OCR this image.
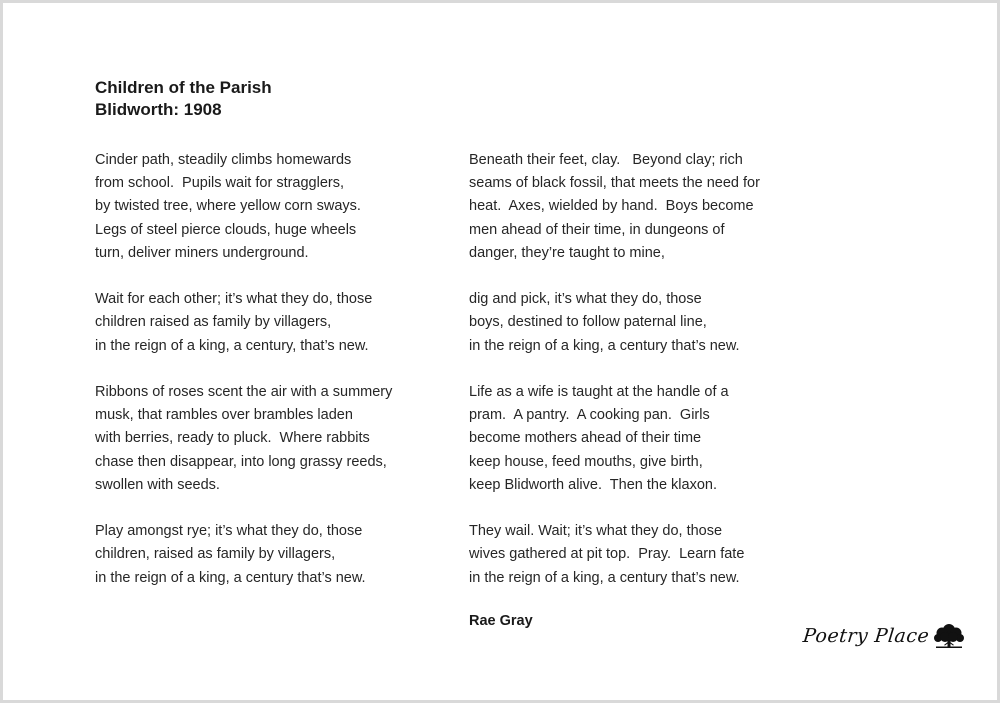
Children of the Parish
Blidworth: 1908
Cinder path, steadily climbs homewards
from school.  Pupils wait for stragglers,
by twisted tree, where yellow corn sways.
Legs of steel pierce clouds, huge wheels
turn, deliver miners underground.
Wait for each other; it’s what they do, those
children raised as family by villagers,
in the reign of a king, a century, that’s new.
Ribbons of roses scent the air with a summery
musk, that rambles over brambles laden
with berries, ready to pluck.  Where rabbits
chase then disappear, into long grassy reeds,
swollen with seeds.
Play amongst rye; it’s what they do, those
children, raised as family by villagers,
in the reign of a king, a century that’s new.
Beneath their feet, clay.   Beyond clay; rich
seams of black fossil, that meets the need for
heat.  Axes, wielded by hand.  Boys become
men ahead of their time, in dungeons of
danger, they’re taught to mine,
dig and pick, it’s what they do, those
boys, destined to follow paternal line,
in the reign of a king, a century that’s new.
Life as a wife is taught at the handle of a
pram.  A pantry.  A cooking pan.  Girls
become mothers ahead of their time
keep house, feed mouths, give birth,
keep Blidworth alive.  Then the klaxon.
They wail. Wait; it’s what they do, those
wives gathered at pit top.  Pray.  Learn fate
in the reign of a king, a century that’s new.
Rae Gray
Poetry Place
